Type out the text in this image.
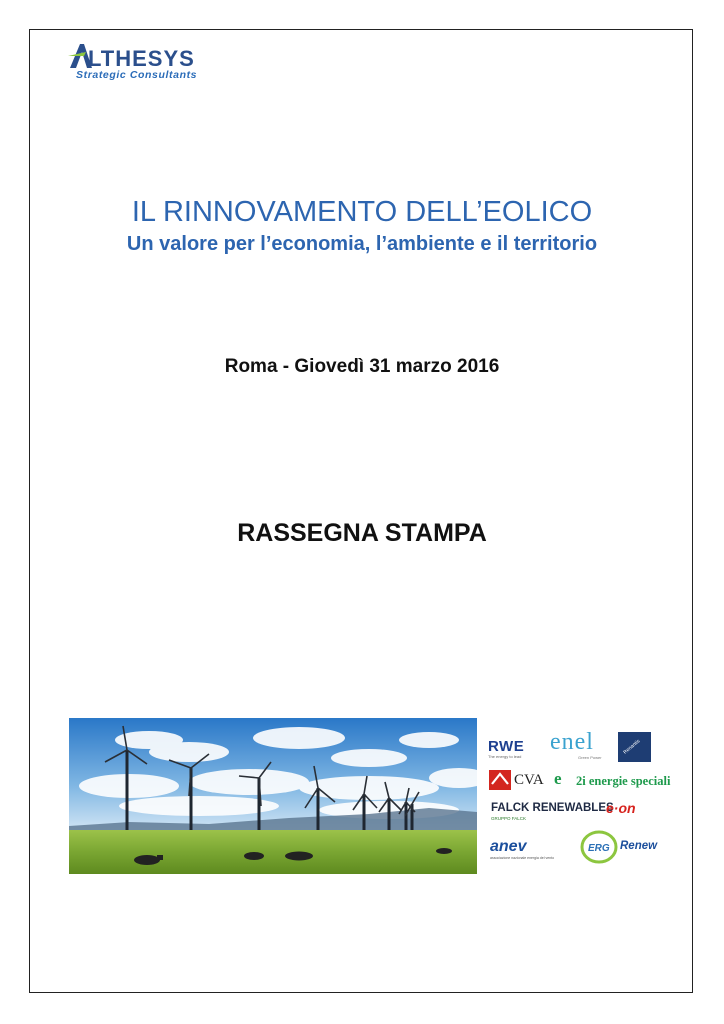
LTHESYS
Strategic Consultants
IL RINNOVAMENTO DELL’EOLICO
Un valore per l’economia, l’ambiente e il territorio
Roma - Giovedì 31 marzo 2016
RASSEGNA STAMPA
RWE
The energy to lead
enel
Green Power
Renantis
CVA e 2i energie speciali
FALCK RENEWABLES
GRUPPO FALCK
e·on
anev
associazione nazionale energia del vento
ERG Renew
